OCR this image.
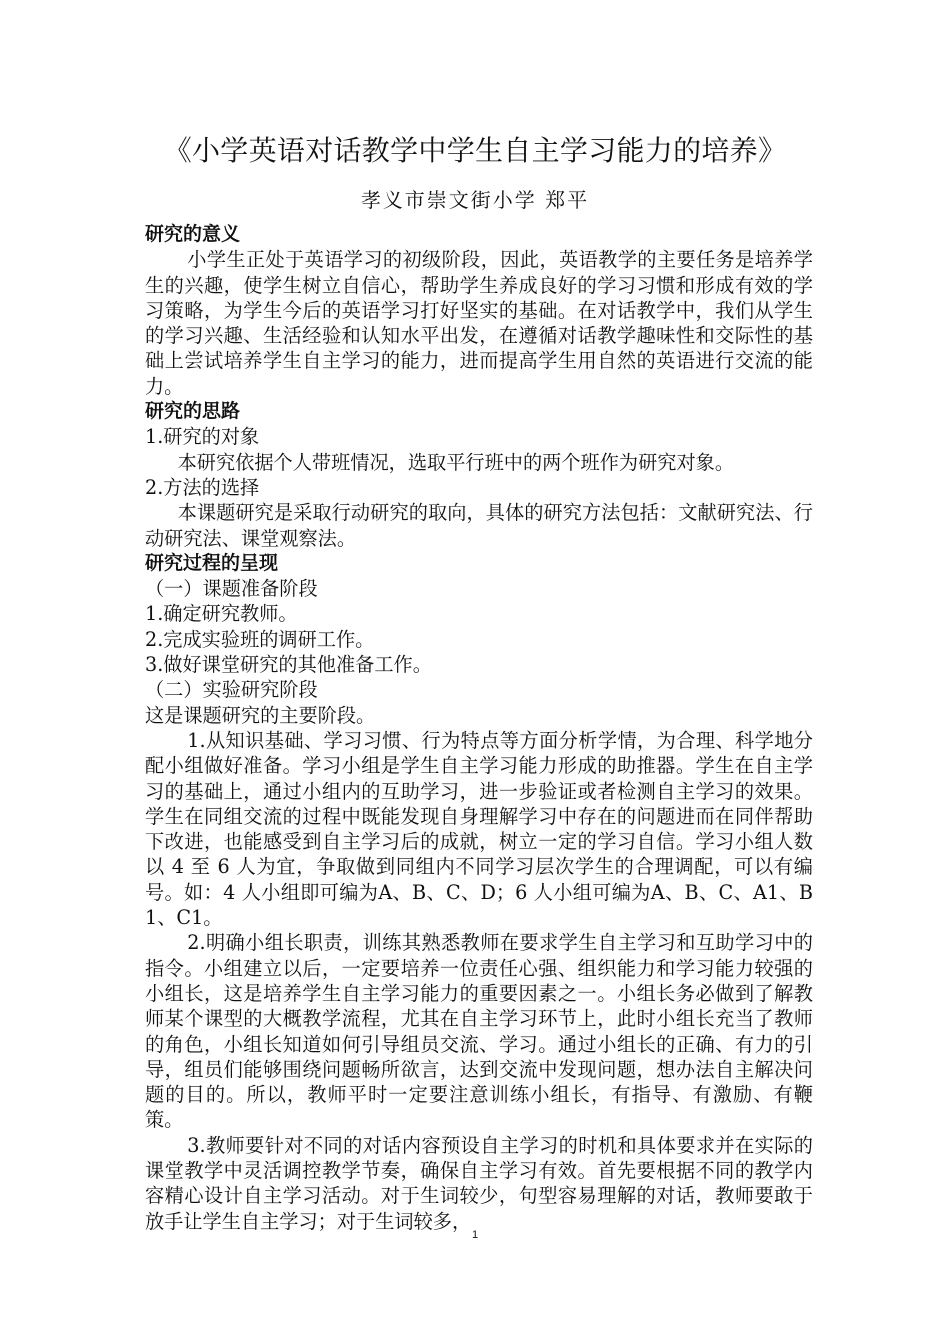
《小学英语对话教学中学生自主学习能力的培养》
孝义市崇文街小学 郑平

研究的意义

小学生正处于英语学习的初级阶段，因此，英语教学的主要任务是培养学生的兴趣，使学生树立自信心，帮助学生养成良好的学习习惯和形成有效的学习策略，为学生今后的英语学习打好坚实的基础。在对话教学中，我们从学生的学习兴趣、生活经验和认知水平出发，在遵循对话教学趣味性和交际性的基础上尝试培养学生自主学习的能力，进而提高学生用自然的英语进行交流的能力。

研究的思路

1.研究的对象

本研究依据个人带班情况，选取平行班中的两个班作为研究对象。

2.方法的选择

本课题研究是采取行动研究的取向，具体的研究方法包括：文献研究法、行动研究法、课堂观察法。

研究过程的呈现

（一）课题准备阶段

1.确定研究教师。

2.完成实验班的调研工作。

3.做好课堂研究的其他准备工作。

（二）实验研究阶段

这是课题研究的主要阶段。

1.从知识基础、学习习惯、行为特点等方面分析学情，为合理、科学地分配小组做好准备。学习小组是学生自主学习能力形成的助推器。学生在自主学习的基础上，通过小组内的互助学习，进一步验证或者检测自主学习的效果。学生在同组交流的过程中既能发现自身理解学习中存在的问题进而在同伴帮助下改进，也能感受到自主学习后的成就，树立一定的学习自信。学习小组人数以 4 至 6 人为宜，争取做到同组内不同学习层次学生的合理调配，可以有编号。如：4 人小组即可编为A、B、C、D；6 人小组可编为A、B、C、A1、B1、C1。

2.明确小组长职责，训练其熟悉教师在要求学生自主学习和互助学习中的指令。小组建立以后，一定要培养一位责任心强、组织能力和学习能力较强的小组长，这是培养学生自主学习能力的重要因素之一。小组长务必做到了解教师某个课型的大概教学流程，尤其在自主学习环节上，此时小组长充当了教师的角色，小组长知道如何引导组员交流、学习。通过小组长的正确、有力的引导，组员们能够围绕问题畅所欲言，达到交流中发现问题，想办法自主解决问题的目的。所以，教师平时一定要注意训练小组长，有指导、有激励、有鞭策。

3.教师要针对不同的对话内容预设自主学习的时机和具体要求并在实际的课堂教学中灵活调控教学节奏，确保自主学习有效。首先要根据不同的教学内容精心设计自主学习活动。对于生词较少，句型容易理解的对话，教师要敢于放手让学生自主学习；对于生词较多，

1
